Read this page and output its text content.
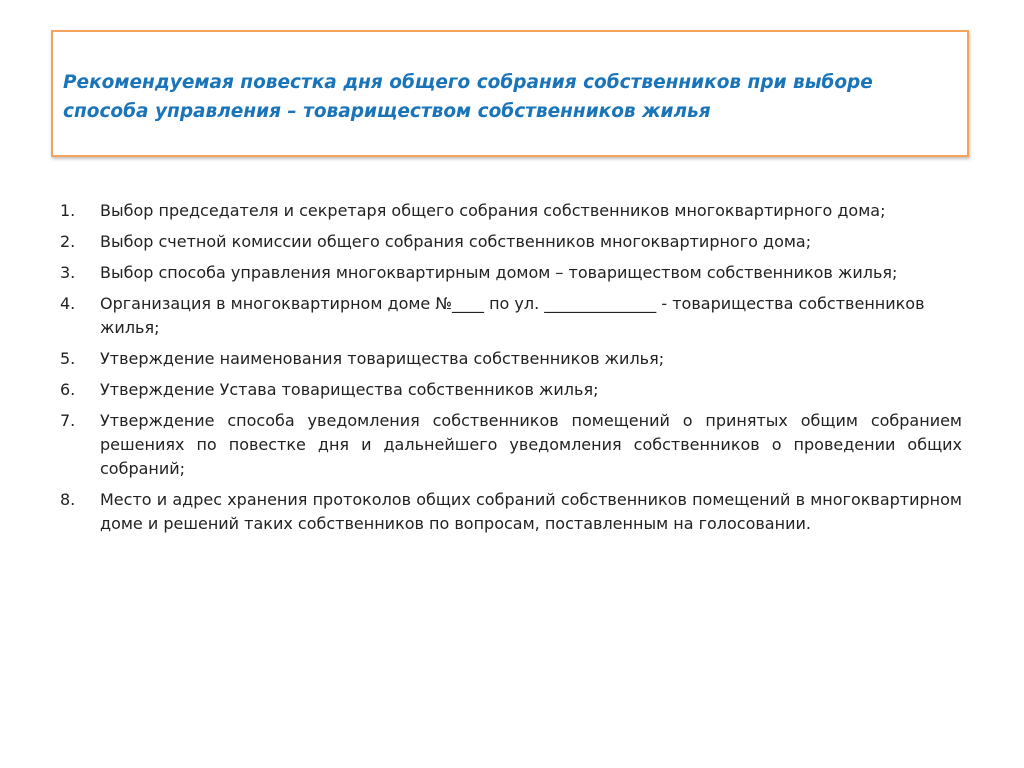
Рекомендуемая повестка дня общего собрания собственников при выборе способа управления – товариществом собственников жилья
1.	Выбор председателя и секретаря общего собрания собственников многоквартирного дома;
2.	Выбор счетной комиссии общего собрания собственников многоквартирного дома;
3.	Выбор способа управления многоквартирным домом – товариществом собственников жилья;
4.	Организация в многоквартирном доме №____ по ул. ______________ - товарищества собственников жилья;
5.	Утверждение наименования товарищества собственников жилья;
6.	Утверждение Устава товарищества собственников жилья;
7.	Утверждение способа уведомления собственников помещений о принятых общим собранием решениях по повестке дня и дальнейшего уведомления собственников о проведении общих собраний;
8.	Место и адрес хранения протоколов общих собраний собственников помещений в многоквартирном доме и решений таких собственников по вопросам, поставленным на голосовании.
